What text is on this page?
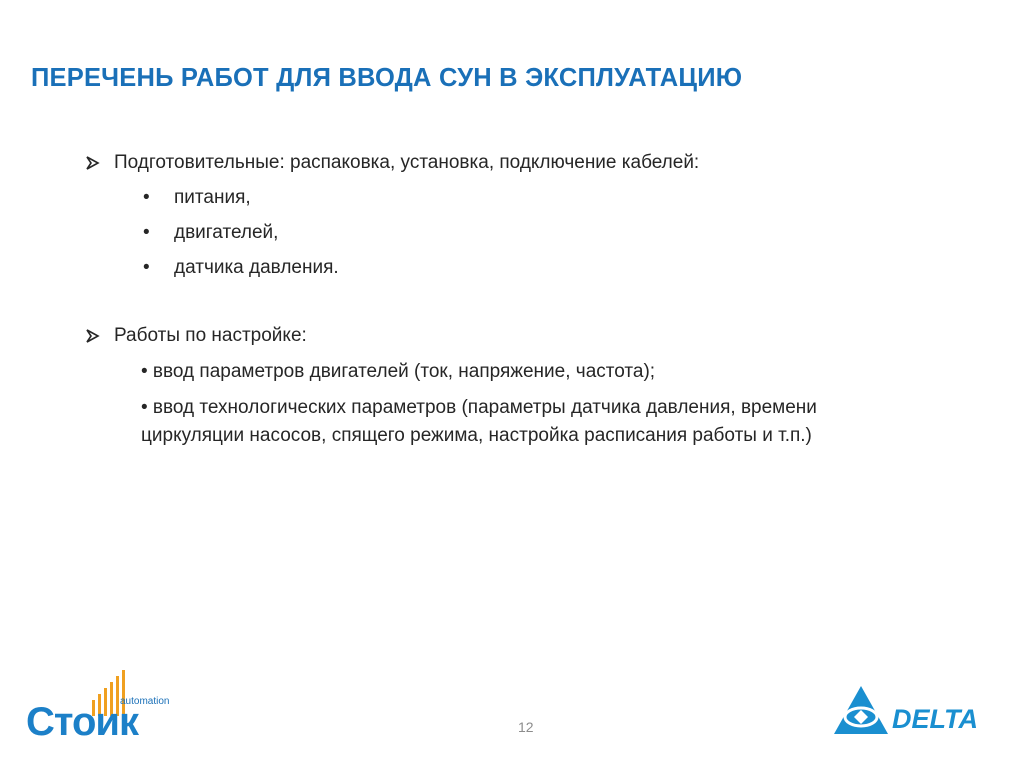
ПЕРЕЧЕНЬ РАБОТ ДЛЯ ВВОДА СУН В ЭКСПЛУАТАЦИЮ
Подготовительные: распаковка, установка, подключение кабелей:
• питания,
• двигателей,
• датчика давления.
Работы по настройке:
• ввод параметров двигателей (ток, напряжение, частота);
• ввод технологических параметров (параметры датчика давления, времени
циркуляции насосов, спящего режима, настройка расписания работы и т.п.)
12
automation
Стоик	DELTA
